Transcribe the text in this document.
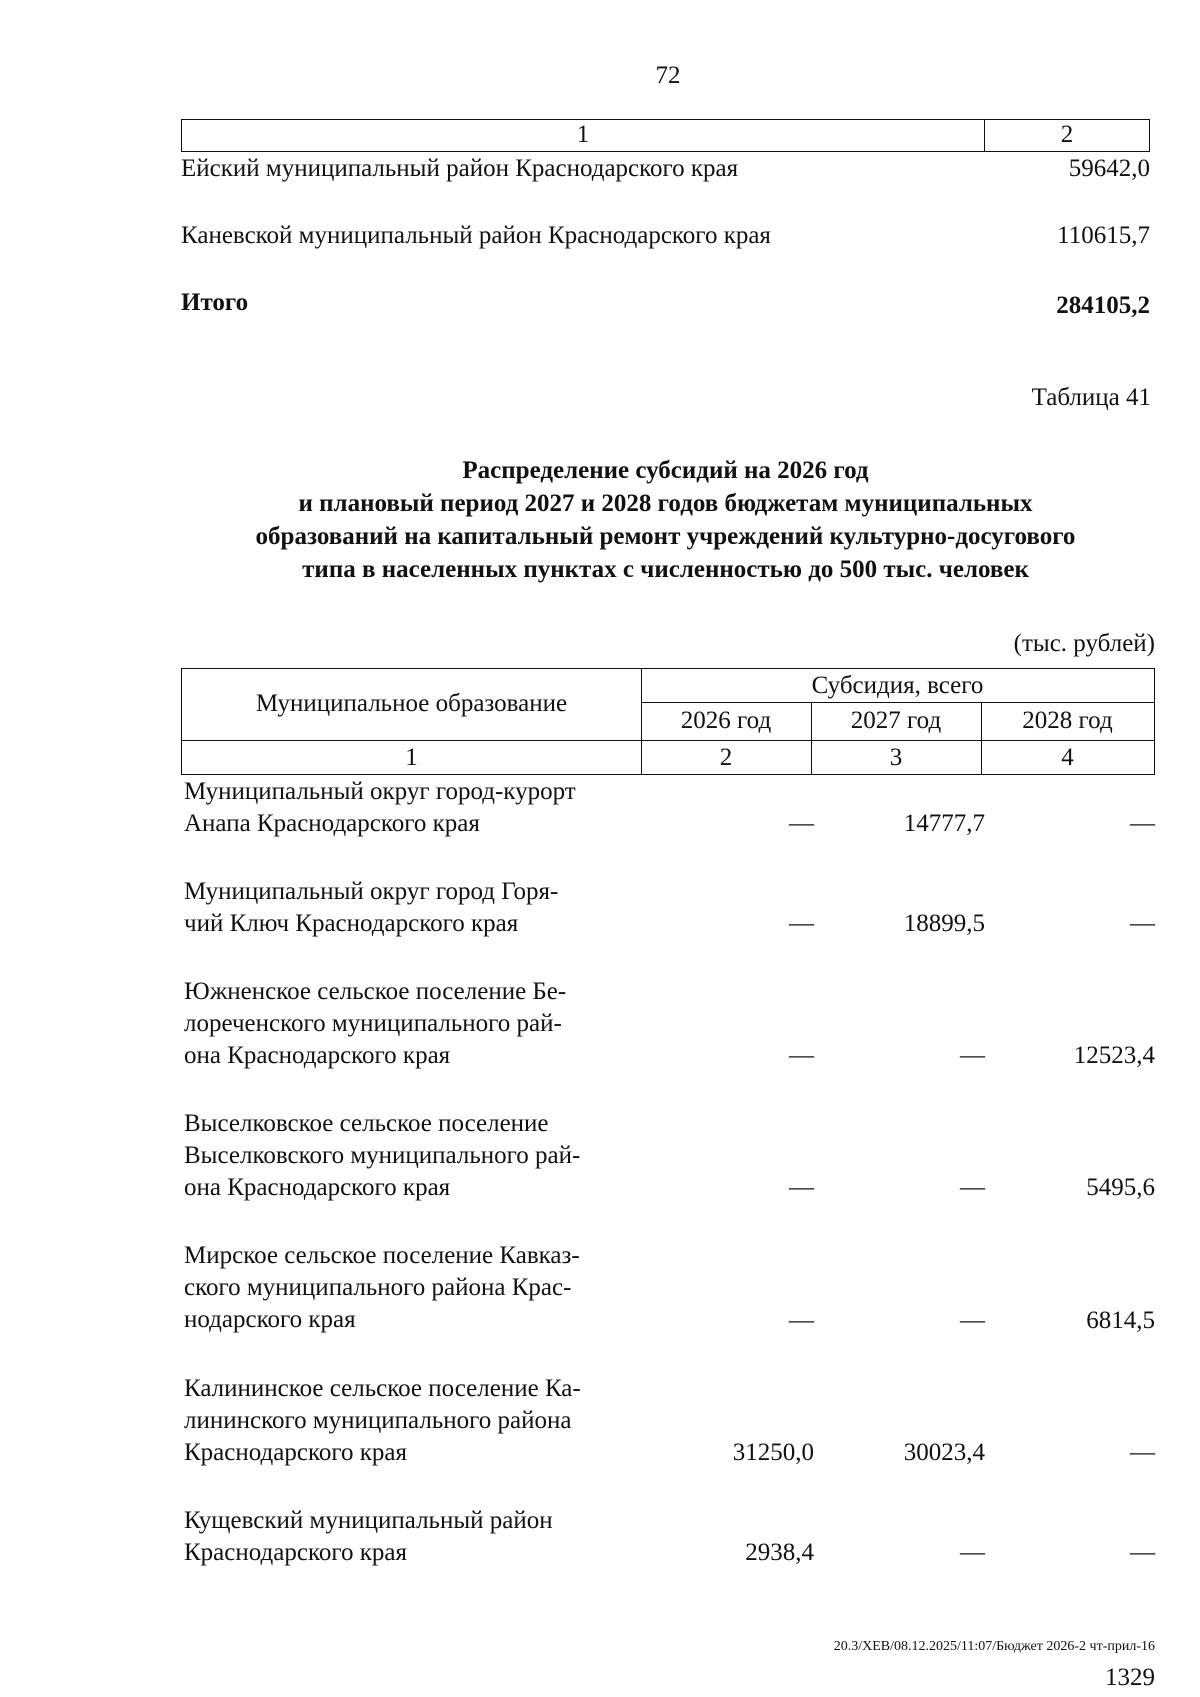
72
1	2
Ейский муниципальный район Краснодарского края	59642,0
Каневской муниципальный район Краснодарского края	110615,7
Итого	284105,2
Таблица 41
Распределение субсидий на 2026 год
и плановый период 2027 и 2028 годов бюджетам муниципальных
образований на капитальный ремонт учреждений культурно-досугового
типа в населенных пунктах с численностью до 500 тыс. человек
(тыс. рублей)
Муниципальное образование
Субсидия, всего
2026 год	2027 год	2028 год
1	2	3	4
Муниципальный округ город-курорт
Анапа Краснодарского края	—	14777,7	—
Муниципальный округ город Горя-
чий Ключ Краснодарского края	—	18899,5	—
Южненское сельское поселение Бе-
лореченского муниципального рай-
она Краснодарского края	—	—	12523,4
Выселковское сельское поселение
Выселковского муниципального рай-
она Краснодарского края	—	—	5495,6
Мирское сельское поселение Кавказ-
ского муниципального района Крас-
нодарского края	—	—	6814,5
Калининское сельское поселение Ка-
лининского муниципального района
Краснодарского края	31250,0	30023,4	—
Кущевский муниципальный район
Краснодарского края	2938,4	—	—
20.3/ХЕВ/08.12.2025/11:07/Бюджет 2026-2 чт-прил-16
1329
